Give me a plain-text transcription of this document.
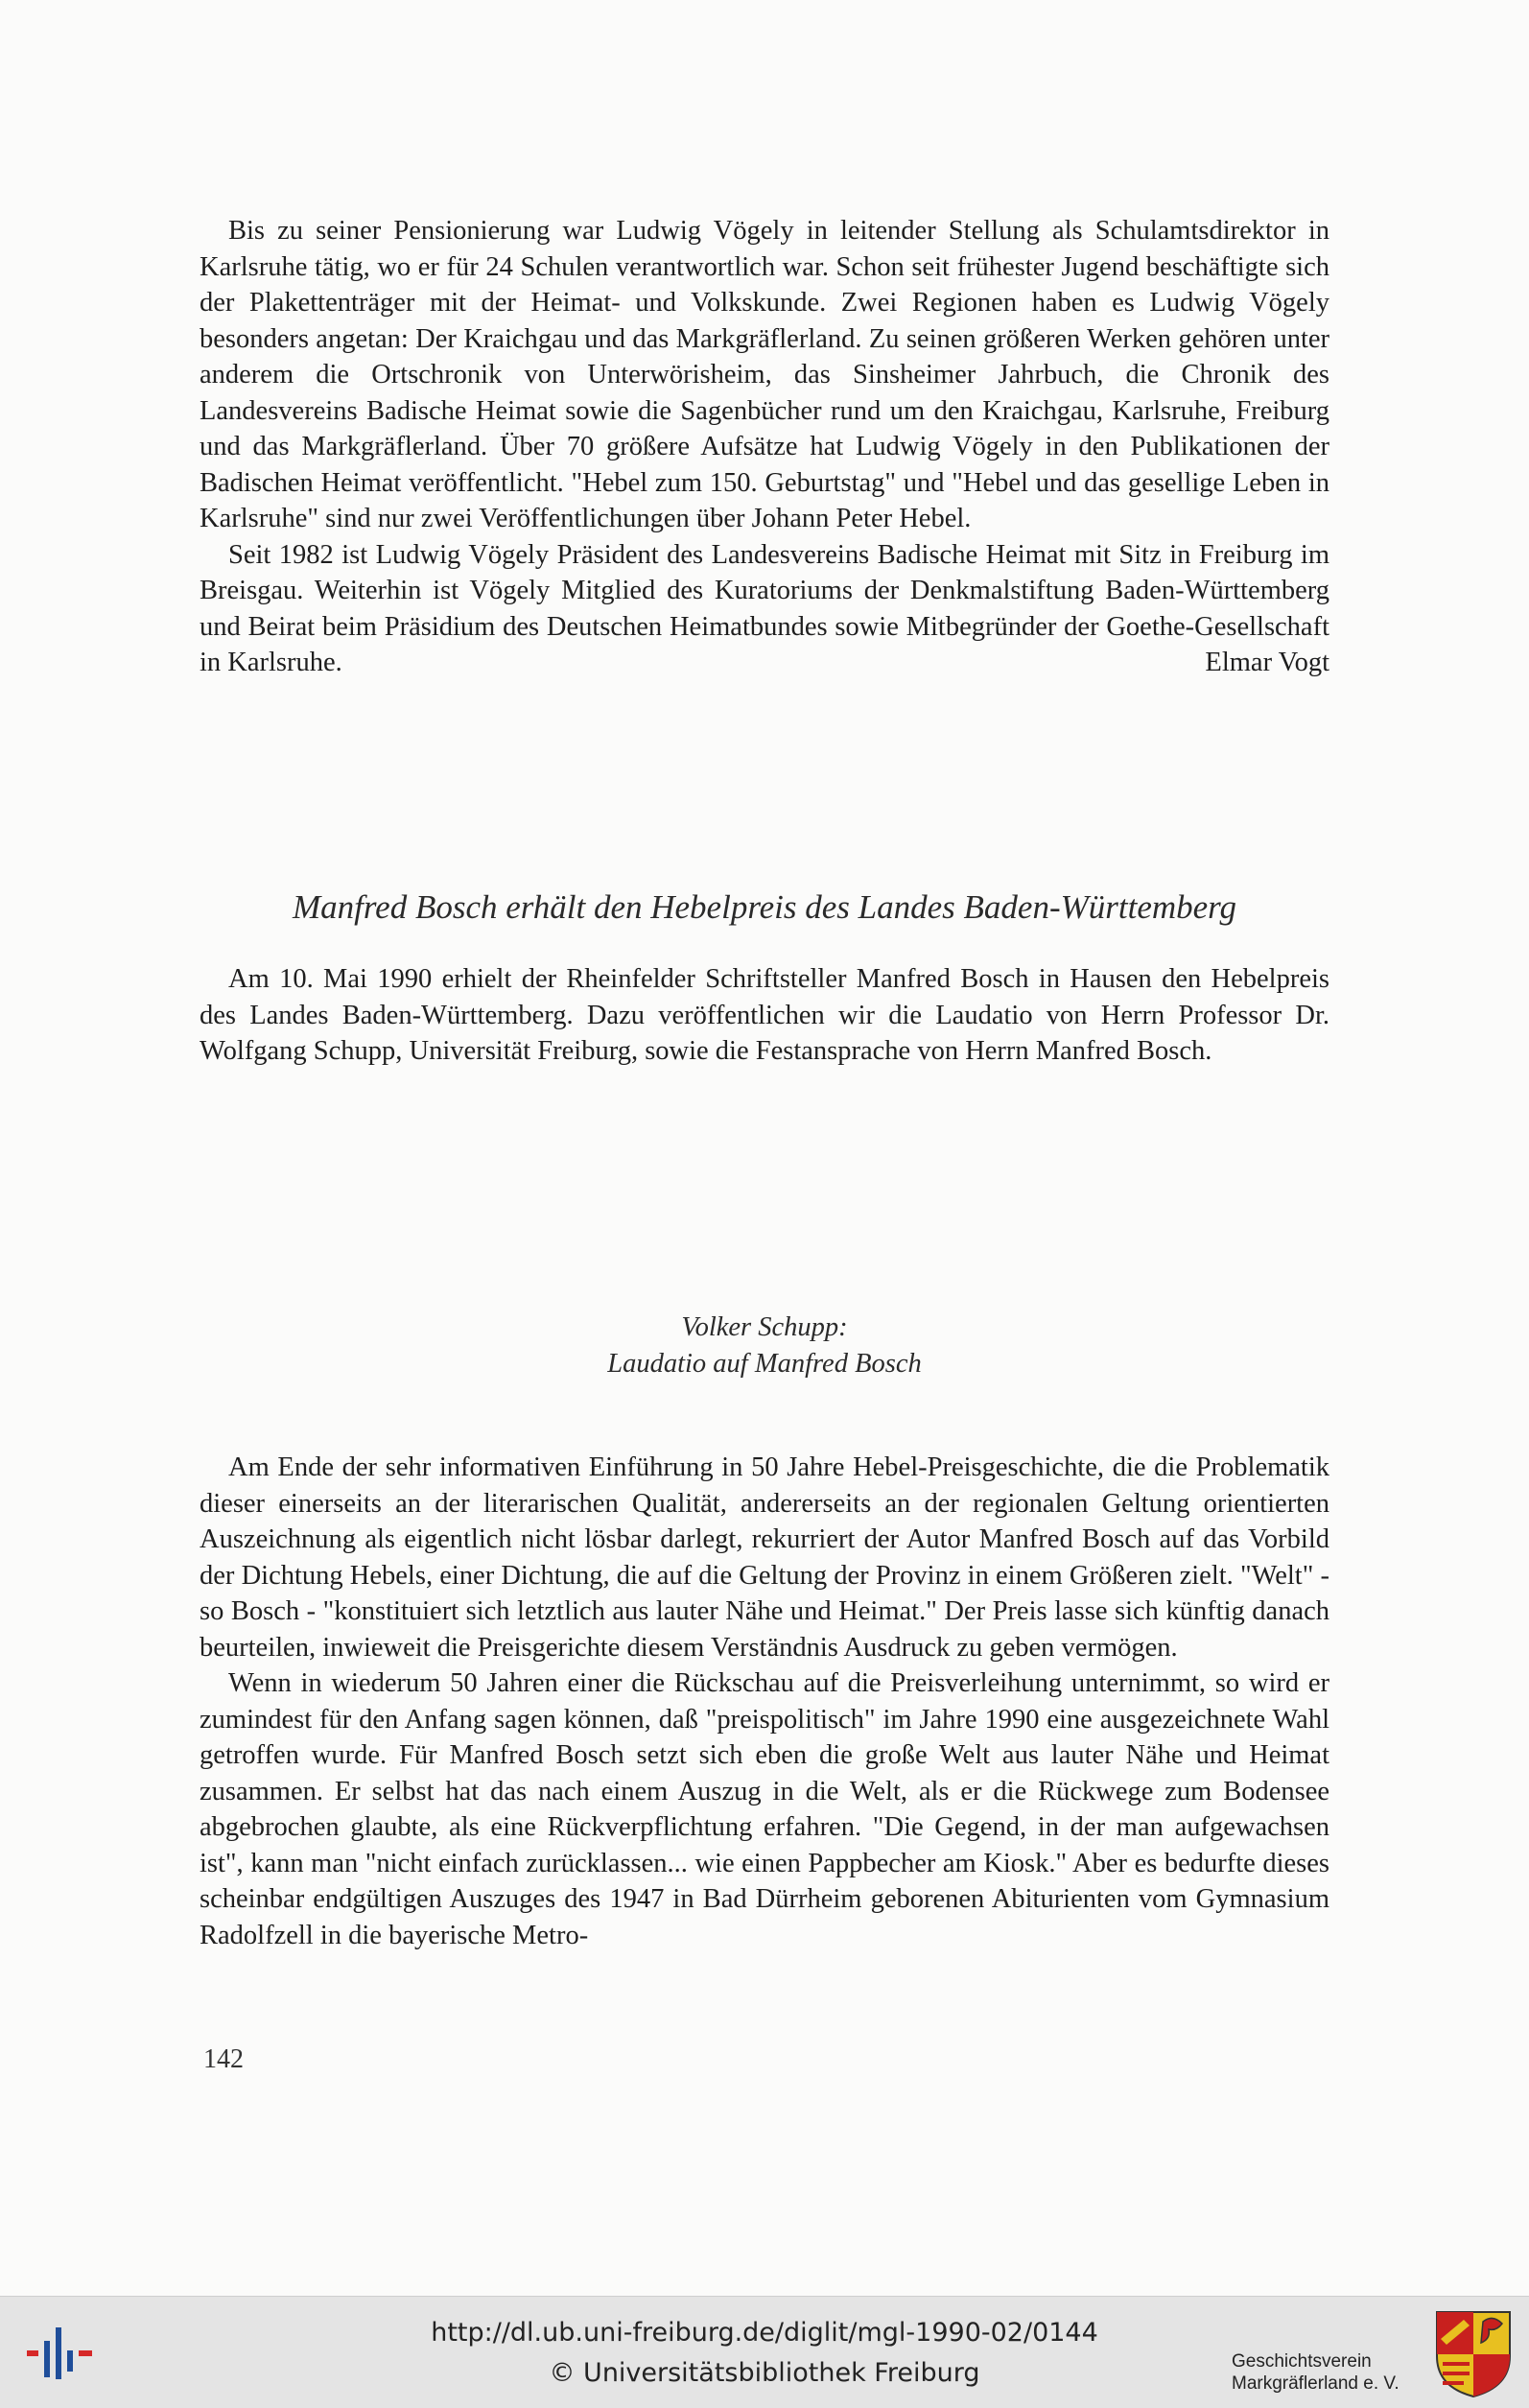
Bis zu seiner Pensionierung war Ludwig Vögely in leitender Stellung als Schulamtsdirektor in Karlsruhe tätig, wo er für 24 Schulen verantwortlich war. Schon seit frühester Jugend beschäftigte sich der Plakettenträger mit der Heimat- und Volkskunde. Zwei Regionen haben es Ludwig Vögely besonders angetan: Der Kraichgau und das Markgräflerland. Zu seinen größeren Werken gehören unter anderem die Ortschronik von Unterwörisheim, das Sinsheimer Jahrbuch, die Chronik des Landesvereins Badische Heimat sowie die Sagenbücher rund um den Kraichgau, Karlsruhe, Freiburg und das Markgräflerland. Über 70 größere Aufsätze hat Ludwig Vögely in den Publikationen der Badischen Heimat veröffentlicht. "Hebel zum 150. Geburtstag" und "Hebel und das gesellige Leben in Karlsruhe" sind nur zwei Veröffentlichungen über Johann Peter Hebel.

Seit 1982 ist Ludwig Vögely Präsident des Landesvereins Badische Heimat mit Sitz in Freiburg im Breisgau. Weiterhin ist Vögely Mitglied des Kuratoriums der Denkmalstiftung Baden-Württemberg und Beirat beim Präsidium des Deutschen Heimatbundes sowie Mitbegründer der Goethe-Gesellschaft in Karlsruhe.	Elmar Vogt

Manfred Bosch erhält den Hebelpreis des Landes Baden-Württemberg

Am 10. Mai 1990 erhielt der Rheinfelder Schriftsteller Manfred Bosch in Hausen den Hebelpreis des Landes Baden-Württemberg. Dazu veröffentlichen wir die Laudatio von Herrn Professor Dr. Wolfgang Schupp, Universität Freiburg, sowie die Festansprache von Herrn Manfred Bosch.

Volker Schupp:
Laudatio auf Manfred Bosch

Am Ende der sehr informativen Einführung in 50 Jahre Hebel-Preisgeschichte, die die Problematik dieser einerseits an der literarischen Qualität, andererseits an der regionalen Geltung orientierten Auszeichnung als eigentlich nicht lösbar darlegt, rekurriert der Autor Manfred Bosch auf das Vorbild der Dichtung Hebels, einer Dichtung, die auf die Geltung der Provinz in einem Größeren zielt. "Welt" - so Bosch - "konstituiert sich letztlich aus lauter Nähe und Heimat." Der Preis lasse sich künftig danach beurteilen, inwieweit die Preisgerichte diesem Verständnis Ausdruck zu geben vermögen.

Wenn in wiederum 50 Jahren einer die Rückschau auf die Preisverleihung unternimmt, so wird er zumindest für den Anfang sagen können, daß "preispolitisch" im Jahre 1990 eine ausgezeichnete Wahl getroffen wurde. Für Manfred Bosch setzt sich eben die große Welt aus lauter Nähe und Heimat zusammen. Er selbst hat das nach einem Auszug in die Welt, als er die Rückwege zum Bodensee abgebrochen glaubte, als eine Rückverpflichtung erfahren. "Die Gegend, in der man aufgewachsen ist", kann man "nicht einfach zurücklassen... wie einen Pappbecher am Kiosk." Aber es bedurfte dieses scheinbar endgültigen Auszuges des 1947 in Bad Dürrheim geborenen Abiturienten vom Gymnasium Radolfzell in die bayerische Metro-

142
http://dl.ub.uni-freiburg.de/diglit/mgl-1990-02/0144
© Universitätsbibliothek Freiburg	Geschichtsverein
Markgräflerland e. V.
